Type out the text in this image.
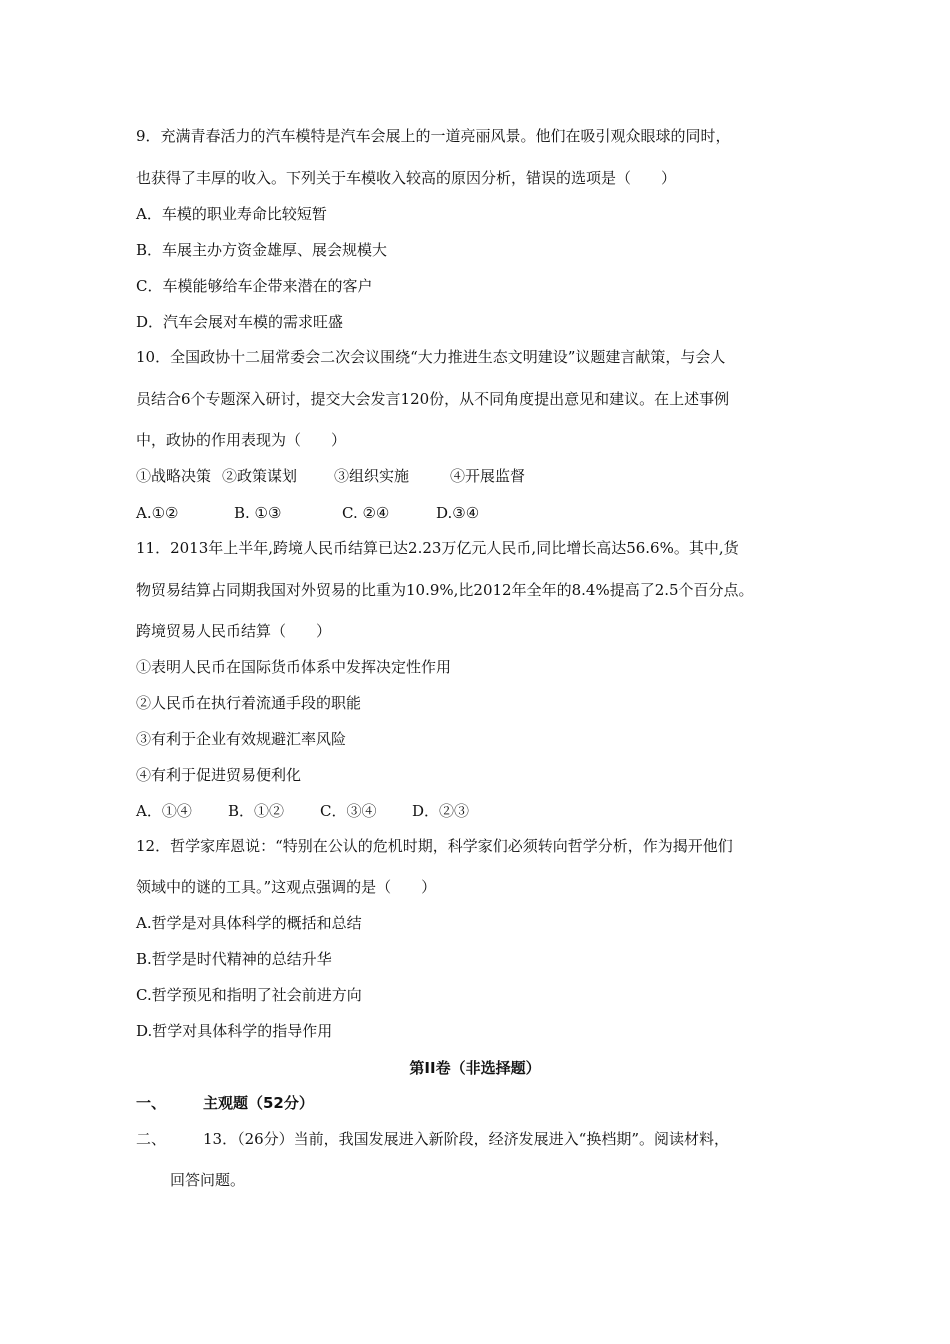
9．充满青春活力的汽车模特是汽车会展上的一道亮丽风景。他们在吸引观众眼球的同时，
也获得了丰厚的收入。下列关于车模收入较高的原因分析，错误的选项是（　　）
A．车模的职业寿命比较短暂
B．车展主办方资金雄厚、展会规模大
C．车模能够给车企带来潜在的客户
D．汽车会展对车模的需求旺盛
10．全国政协十二届常委会二次会议围绕“大力推进生态文明建设”议题建言献策，与会人
员结合6个专题深入研讨，提交大会发言120份，从不同角度提出意见和建议。在上述事例
中，政协的作用表现为（　　）
①战略决策 ②政策谋划 ③组织实施	④开展监督
A.①②	B. ①③	C. ②④	D.③④
11．2013年上半年,跨境人民币结算已达2.23万亿元人民币,同比增长高达56.6%。其中,货
物贸易结算占同期我国对外贸易的比重为10.9%,比2012年全年的8.4%提高了2.5个百分点。
跨境贸易人民币结算（　　）
①表明人民币在国际货币体系中发挥决定性作用
②人民币在执行着流通手段的职能
③有利于企业有效规避汇率风险
④有利于促进贸易便利化
A．①④ B．①② C．③④ D．②③
12．哲学家库恩说：“特别在公认的危机时期，科学家们必须转向哲学分析，作为揭开他们
领域中的谜的工具。”这观点强调的是（　　）
A.哲学是对具体科学的概括和总结
B.哲学是时代精神的总结升华
C.哲学预见和指明了社会前进方向
D.哲学对具体科学的指导作用
第II卷（非选择题）
一、 主观题（52分）
二、 13．（26分）当前，我国发展进入新阶段，经济发展进入“换档期”。阅读材料，
回答问题。
